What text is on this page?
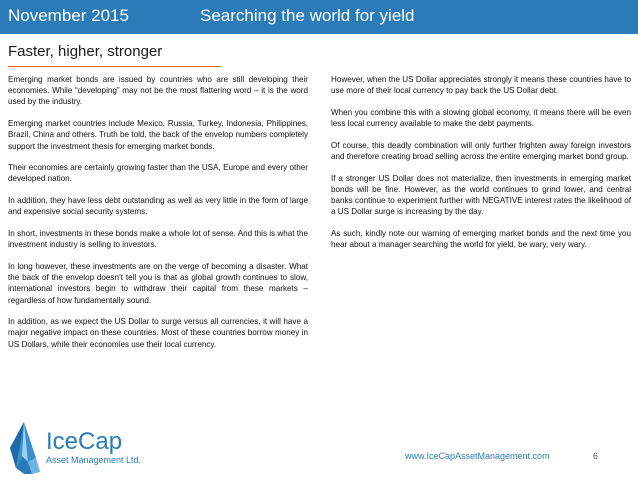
November 2015	Searching the world for yield
Faster, higher, stronger

Emerging market bonds are issued by countries who are still developing their economies. While “developing” may not be the most flattering word – it is the word used by the industry.

Emerging market countries include Mexico, Russia, Turkey, Indonesia, Philippines, Brazil, China and others. Truth be told, the back of the envelop numbers completely support the investment thesis for emerging market bonds.

Their economies are certainly growing faster than the USA, Europe and every other developed nation.

In addition, they have less debt outstanding as well as very little in the form of large and expensive social security systems.

In short, investments in these bonds make a whole lot of sense. And this is what the investment industry is selling to investors.

In long however, these investments are on the verge of becoming a disaster. What the back of the envelop doesn’t tell you is that as global growth continues to slow, international investors begin to withdraw their capital from these markets – regardless of how fundamentally sound.

In addition, as we expect the US Dollar to surge versus all currencies, it will have a major negative impact on these countries. Most of these countries borrow money in US Dollars, while their economies use their local currency.

However, when the US Dollar appreciates strongly it means these countries have to use more of their local currency to pay back the US Dollar debt.

When you combine this with a slowing global economy, it means there will be even less local currency available to make the debt payments.

Of course, this deadly combination will only further frighten away foreign investors and therefore creating broad selling across the entire emerging market bond group.

If a stronger US Dollar does not materialize, then investments in emerging market bonds will be fine. However, as the world continues to grind lower, and central banks continue to experiment further with NEGATIVE interest rates the likelihood of a US Dollar surge is increasing by the day.

As such, kindly note our warning of emerging market bonds and the next time you hear about a manager searching the world for yield, be wary, very wary.

IceCap
Asset Management Ltd.	www.IceCapAssetManagement.com	6
